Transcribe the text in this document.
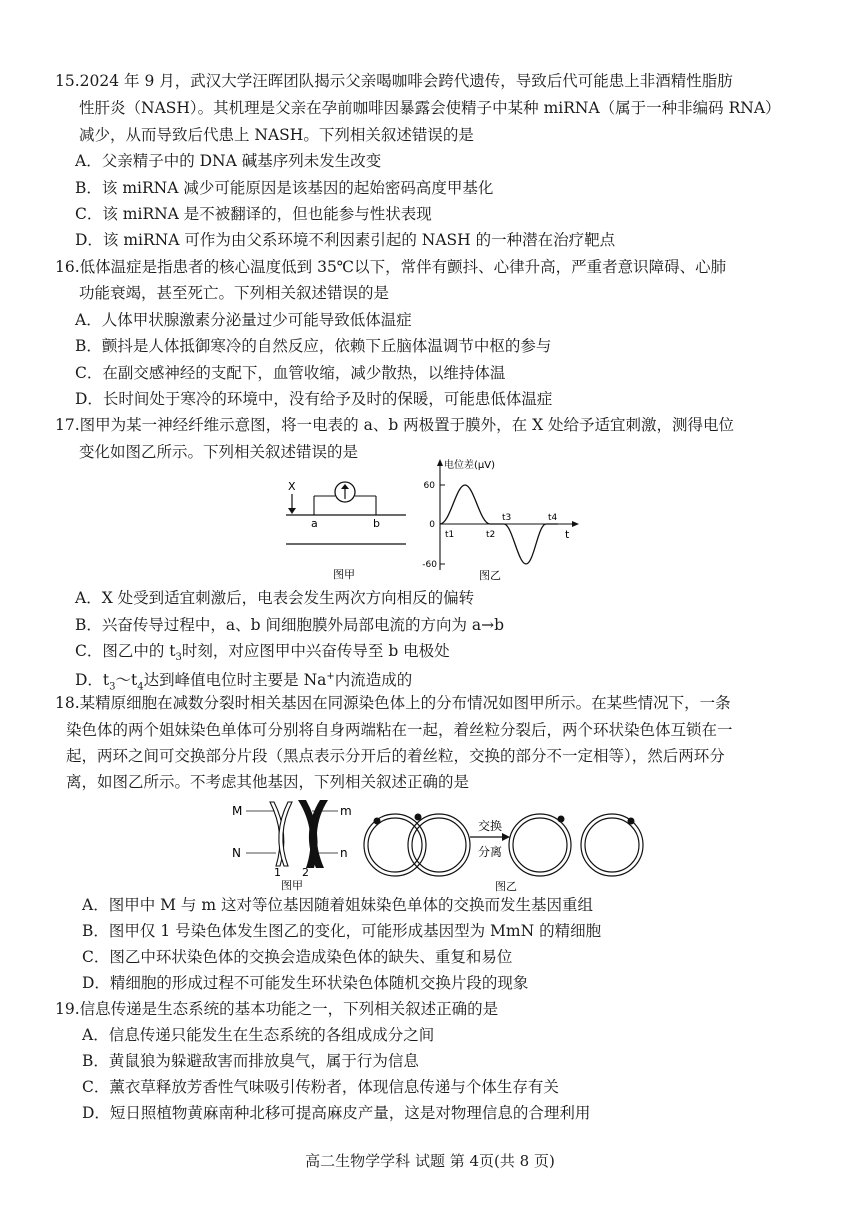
15.2024 年 9 月，武汉大学汪晖团队揭示父亲喝咖啡会跨代遗传，导致后代可能患上非酒精性脂肪
性肝炎（NASH）。其机理是父亲在孕前咖啡因暴露会使精子中某种 miRNA（属于一种非编码 RNA）
减少，从而导致后代患上 NASH。下列相关叙述错误的是
A．父亲精子中的 DNA 碱基序列未发生改变
B．该 miRNA 减少可能原因是该基因的起始密码高度甲基化
C．该 miRNA 是不被翻译的，但也能参与性状表现
D．该 miRNA 可作为由父系环境不利因素引起的 NASH 的一种潜在治疗靶点
16.低体温症是指患者的核心温度低到 35℃以下，常伴有颤抖、心律升高，严重者意识障碍、心肺
功能衰竭，甚至死亡。下列相关叙述错误的是
A．人体甲状腺激素分泌量过少可能导致低体温症
B．颤抖是人体抵御寒冷的自然反应，依赖下丘脑体温调节中枢的参与
C．在副交感神经的支配下，血管收缩，减少散热，以维持体温
D．长时间处于寒冷的环境中，没有给予及时的保暖，可能患低体温症
17.图甲为某一神经纤维示意图，将一电表的 a、b 两极置于膜外，在 X 处给予适宜刺激，测得电位
变化如图乙所示。下列相关叙述错误的是
X
a	b
图甲
电位差(μV)
60
0
-60
t1	t2
t3	t4
t
图乙
A．X 处受到适宜刺激后，电表会发生两次方向相反的偏转
B．兴奋传导过程中，a、b 间细胞膜外局部电流的方向为 a→b
C．图乙中的 $t_3$时刻，对应图甲中兴奋传导至 b 电极处
D．$t_3\sim t_4$达到峰值电位时主要是 Na+内流造成的
18.某精原细胞在减数分裂时相关基因在同源染色体上的分布情况如图甲所示。在某些情况下，一条
染色体的两个姐妹染色单体可分别将自身两端粘在一起，着丝粒分裂后，两个环状染色体互锁在一
起，两环之间可交换部分片段（黑点表示分开后的着丝粒，交换的部分不一定相等），然后两环分
离，如图乙所示。不考虑其他基因，下列相关叙述正确的是
M
N
m
n
1 2
图甲
交换
分离
图乙
A．图甲中 M 与 m 这对等位基因随着姐妹染色单体的交换而发生基因重组
B．图甲仅 1 号染色体发生图乙的变化，可能形成基因型为 MmN 的精细胞
C．图乙中环状染色体的交换会造成染色体的缺失、重复和易位
D．精细胞的形成过程不可能发生环状染色体随机交换片段的现象
19.信息传递是生态系统的基本功能之一，下列相关叙述正确的是
A．信息传递只能发生在生态系统的各组成成分之间
B．黄鼠狼为躲避敌害而排放臭气，属于行为信息
C．薰衣草释放芳香性气味吸引传粉者，体现信息传递与个体生存有关
D．短日照植物黄麻南种北移可提高麻皮产量，这是对物理信息的合理利用
高二生物学学科 试题 第 4页(共 8 页)
